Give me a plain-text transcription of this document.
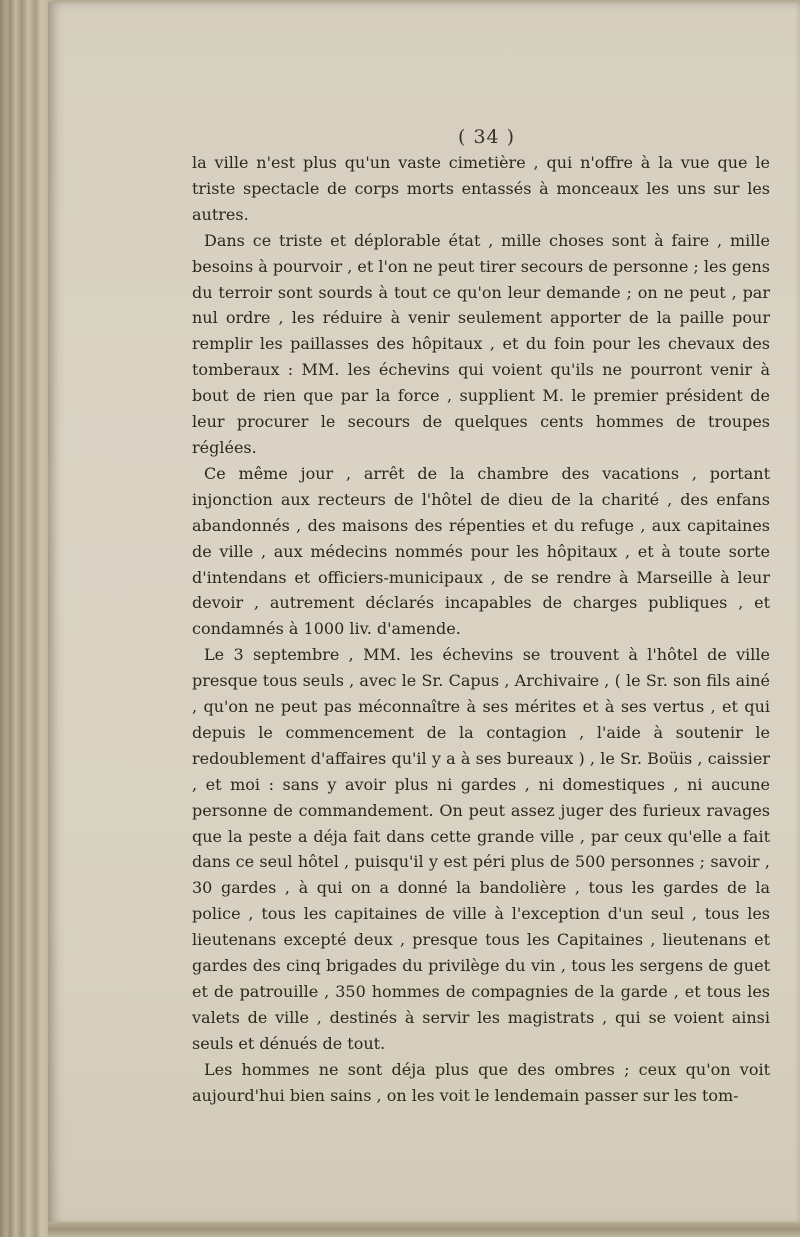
( 34 )

la ville n'est plus qu'un vaste cimetière , qui n'offre à la vue que le triste spectacle de corps morts entassés à monceaux les uns sur les autres.

Dans ce triste et déplorable état , mille choses sont à faire , mille besoins à pourvoir , et l'on ne peut tirer secours de personne ; les gens du terroir sont sourds à tout ce qu'on leur demande ; on ne peut , par nul ordre , les réduire à venir seulement apporter de la paille pour remplir les paillasses des hôpitaux , et du foin pour les chevaux des tomberaux : MM. les échevins qui voient qu'ils ne pourront venir à bout de rien que par la force , supplient M. le premier président de leur procurer le secours de quelques cents hommes de troupes réglées.

Ce même jour , arrêt de la chambre des vacations , portant injonction aux recteurs de l'hôtel de dieu de la charité , des enfans abandonnés , des maisons des répenties et du refuge , aux capitaines de ville , aux médecins nommés pour les hôpitaux , et à toute sorte d'intendans et officiers-municipaux , de se rendre à Marseille à leur devoir , autrement déclarés incapables de charges publiques , et condamnés à 1000 liv. d'amende.

Le 3 septembre , MM. les échevins se trouvent à l'hôtel de ville presque tous seuls , avec le Sr. Capus , Archivaire , ( le Sr. son fils ainé , qu'on ne peut pas méconnaître à ses mérites et à ses vertus , et qui depuis le commencement de la contagion , l'aide à soutenir le redoublement d'affaires qu'il y a à ses bureaux ) , le Sr. Boüis , caissier , et moi : sans y avoir plus ni gardes , ni domestiques , ni aucune personne de commandement. On peut assez juger des furieux ravages que la peste a déja fait dans cette grande ville , par ceux qu'elle a fait dans ce seul hôtel , puisqu'il y est péri plus de 500 personnes ; savoir , 30 gardes , à qui on a donné la bandolière , tous les gardes de la police , tous les capitaines de ville à l'exception d'un seul , tous les lieutenans excepté deux , presque tous les Capitaines , lieutenans et gardes des cinq brigades du privilège du vin , tous les sergens de guet et de patrouille , 350 hommes de compagnies de la garde , et tous les valets de ville , destinés à servir les magistrats , qui se voient ainsi seuls et dénués de tout.

Les hommes ne sont déja plus que des ombres ; ceux qu'on voit aujourd'hui bien sains , on les voit le lendemain passer sur les tom-
